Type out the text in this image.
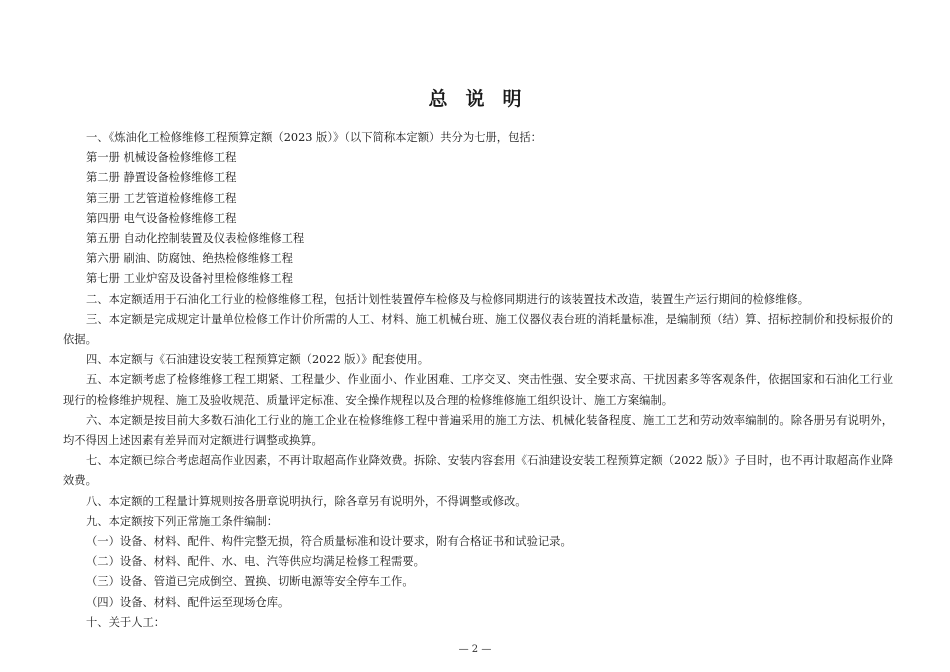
总 说 明

一、《炼油化工检修维修工程预算定额（2023 版）》（以下简称本定额）共分为七册，包括：

第一册 机械设备检修维修工程

第二册 静置设备检修维修工程

第三册 工艺管道检修维修工程

第四册 电气设备检修维修工程

第五册 自动化控制装置及仪表检修维修工程

第六册 刷油、防腐蚀、绝热检修维修工程

第七册 工业炉窑及设备衬里检修维修工程

二、本定额适用于石油化工行业的检修维修工程，包括计划性装置停车检修及与检修同期进行的该装置技术改造，装置生产运行期间的检修维修。

三、本定额是完成规定计量单位检修工作计价所需的人工、材料、施工机械台班、施工仪器仪表台班的消耗量标准，是编制预（结）算、招标控制价和投标报价的依据。

四、本定额与《石油建设安装工程预算定额（2022 版）》配套使用。

五、本定额考虑了检修维修工程工期紧、工程量少、作业面小、作业困难、工序交叉、突击性强、安全要求高、干扰因素多等客观条件，依据国家和石油化工行业现行的检修维护规程、施工及验收规范、质量评定标准、安全操作规程以及合理的检修维修施工组织设计、施工方案编制。

六、本定额是按目前大多数石油化工行业的施工企业在检修维修工程中普遍采用的施工方法、机械化装备程度、施工工艺和劳动效率编制的。除各册另有说明外，均不得因上述因素有差异而对定额进行调整或换算。

七、本定额已综合考虑超高作业因素，不再计取超高作业降效费。拆除、安装内容套用《石油建设安装工程预算定额（2022 版）》子目时，也不再计取超高作业降效费。

八、本定额的工程量计算规则按各册章说明执行，除各章另有说明外，不得调整或修改。

九、本定额按下列正常施工条件编制：

（一）设备、材料、配件、构件完整无损，符合质量标准和设计要求，附有合格证书和试验记录。

（二）设备、材料、配件、水、电、汽等供应均满足检修工程需要。

（三）设备、管道已完成倒空、置换、切断电源等安全停车工作。

（四）设备、材料、配件运至现场仓库。

十、关于人工：

— 2 —
